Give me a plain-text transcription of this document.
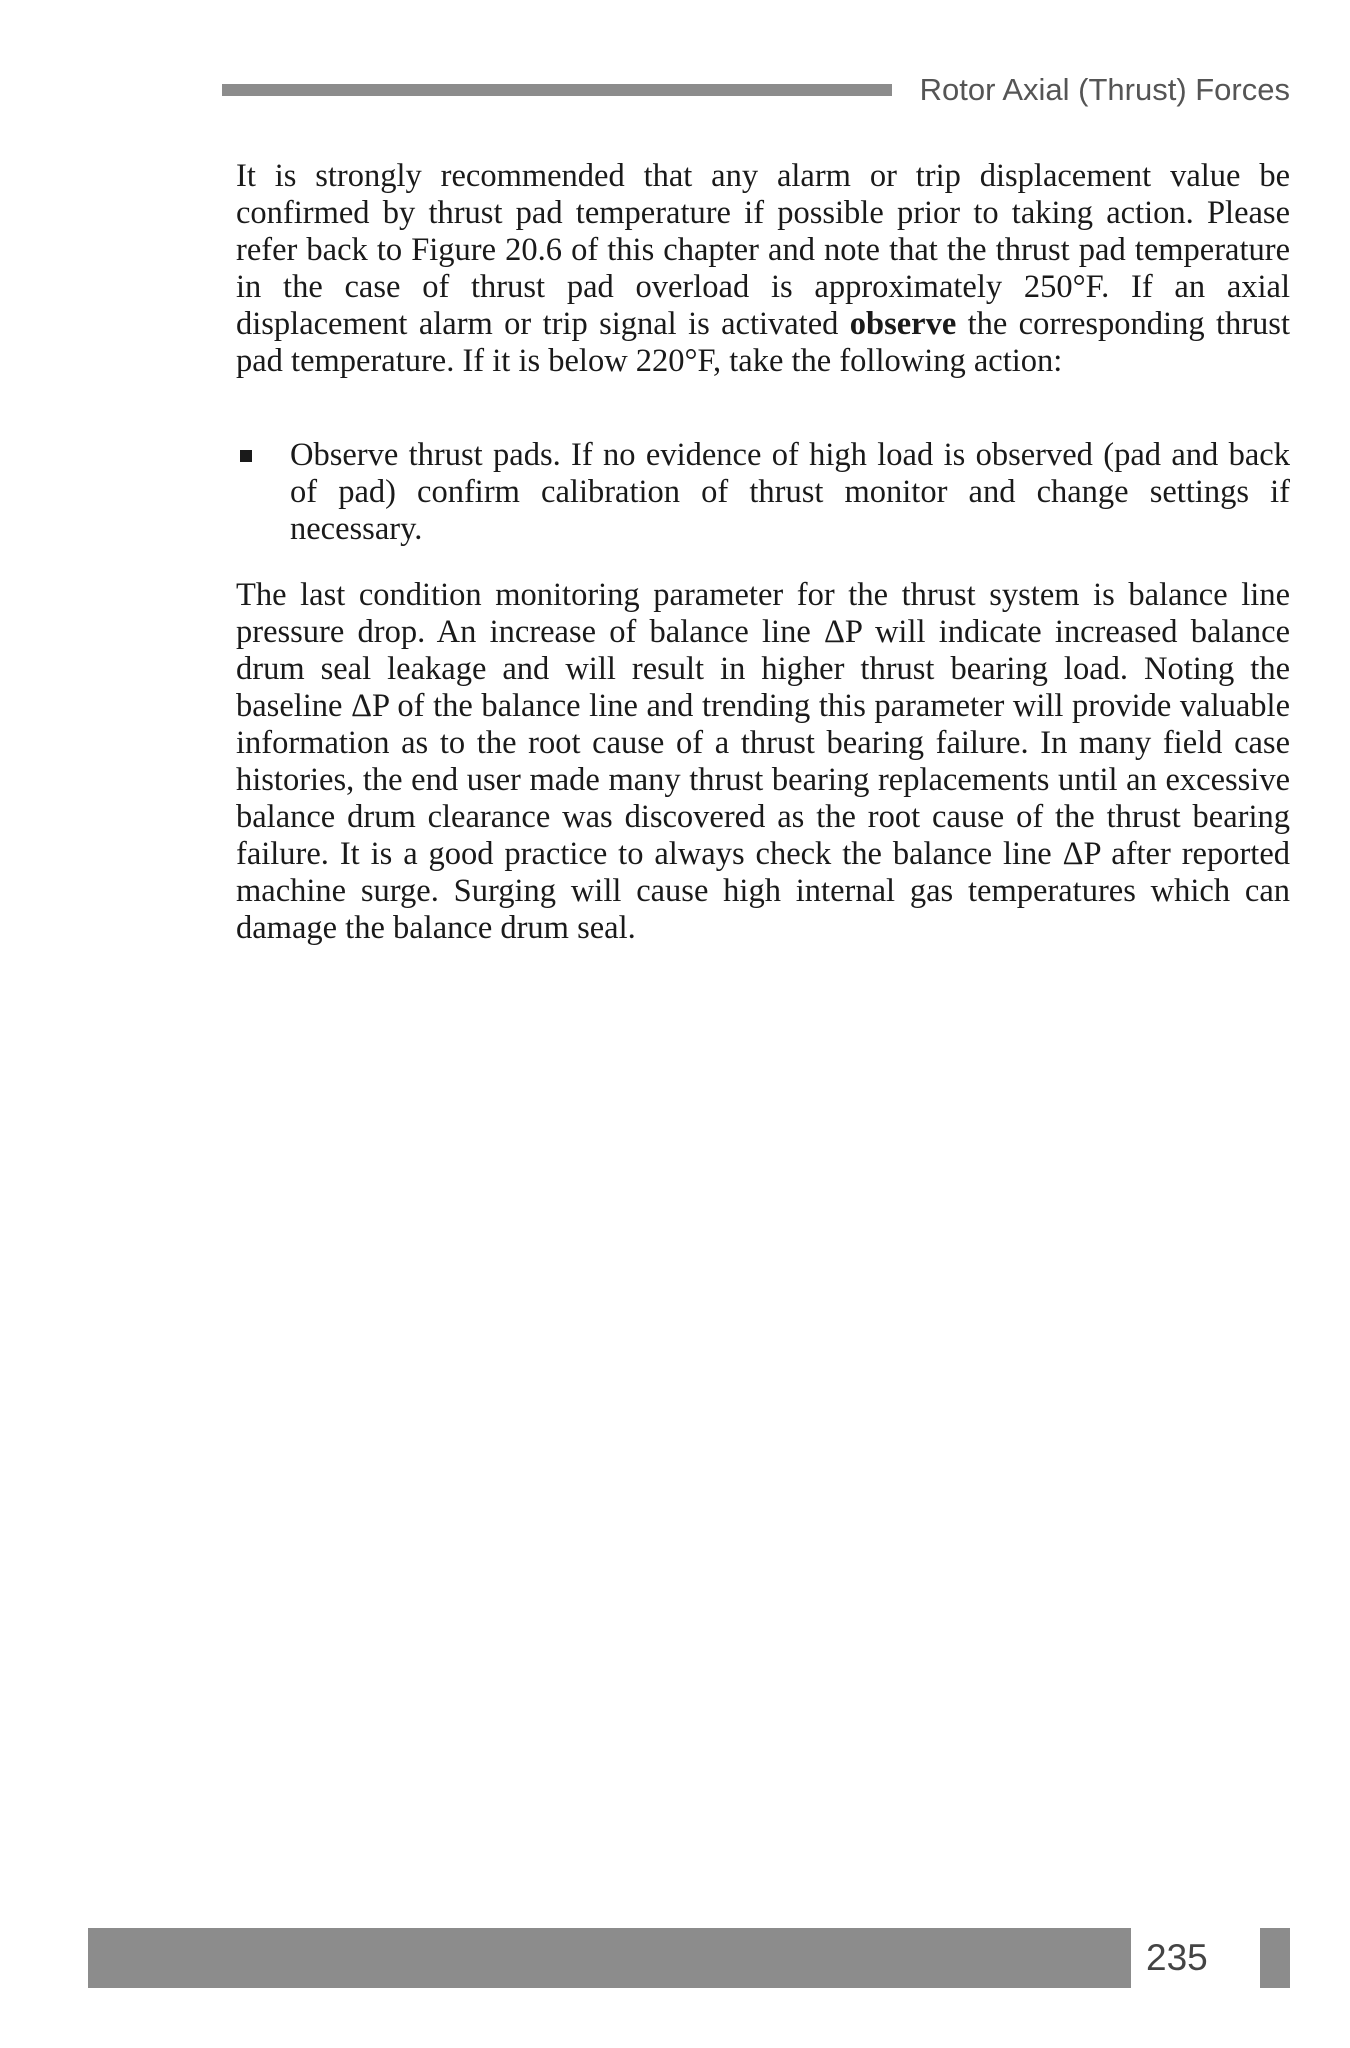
Rotor Axial (Thrust) Forces

It is strongly recommended that any alarm or trip displacement value be confirmed by thrust pad temperature if possible prior to taking action. Please refer back to Figure 20.6 of this chapter and note that the thrust pad temperature in the case of thrust pad overload is approximately 250°F. If an axial displacement alarm or trip signal is activated observe the corresponding thrust pad temperature. If it is below 220°F, take the following action:

Observe thrust pads. If no evidence of high load is observed (pad and back of pad) confirm calibration of thrust monitor and change settings if necessary.

The last condition monitoring parameter for the thrust system is balance line pressure drop. An increase of balance line ΔP will indicate increased balance drum seal leakage and will result in higher thrust bearing load. Noting the baseline ΔP of the balance line and trending this parameter will provide valuable information as to the root cause of a thrust bearing failure. In many field case histories, the end user made many thrust bearing replacements until an excessive balance drum clearance was discovered as the root cause of the thrust bearing failure. It is a good practice to always check the balance line ΔP after reported machine surge. Surging will cause high internal gas temperatures which can damage the balance drum seal.

235
